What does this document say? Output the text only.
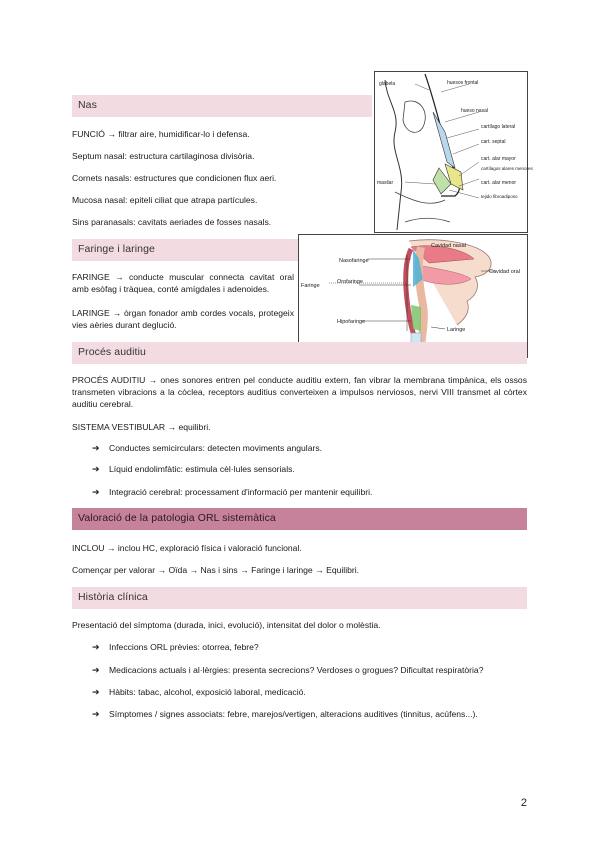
glabela	huesos frontal
hueso nasal
cartílago lateral
cart. septal
cart. alar mayor
cartílagos alares menores
maxilar	cart. alar menor
tejido fibroadiposo
Cavidad nasal
Nasofaringe
Cavidad oral
Orofaringe
Faringe
Hipofaringe
Laringe
Nas
FUNCIÓ → filtrar aire, humidificar-lo i defensa.
Septum nasal: estructura cartilaginosa divisòria.
Cornets nasals: estructures que condicionen flux aeri.
Mucosa nasal: epiteli ciliat que atrapa partícules.
Sins paranasals: cavitats aeriades de fosses nasals.
Faringe i laringe
FARINGE → conducte muscular connecta cavitat oral amb esòfag i tràquea, conté amígdales i adenoides.
LARINGE → òrgan fonador amb cordes vocals, protegeix vies aèries durant deglució.
Procés auditiu
PROCÉS AUDITIU → ones sonores entren pel conducte auditiu extern, fan vibrar la membrana timpànica, els ossos transmeten vibracions a la còclea, receptors auditius converteixen a impulsos nerviosos, nervi VIII transmet al còrtex auditiu cerebral.
SISTEMA VESTIBULAR → equilibri.
➔ Conductes semicirculars: detecten moviments angulars.
➔ Líquid endolimfàtic: estimula cèl·lules sensorials.
➔ Integració cerebral: processament d'informació per mantenir equilibri.
Valoració de la patologia ORL sistemàtica
INCLOU → inclou HC, exploració física i valoració funcional.
Començar per valorar → Oïda → Nas i sins → Faringe i laringe → Equilibri.
Història clínica
Presentació del símptoma (durada, inici, evolució), intensitat del dolor o molèstia.
➔ Infeccions ORL prèvies: otorrea, febre?
➔ Medicacions actuals i al·lèrgies: presenta secrecions? Verdoses o grogues? Dificultat respiratòria?
➔ Hàbits: tabac, alcohol, exposició laboral, medicació.
➔ Símptomes / signes associats: febre, marejos/vertigen, alteracions auditives (tinnitus, acúfens...).
2
